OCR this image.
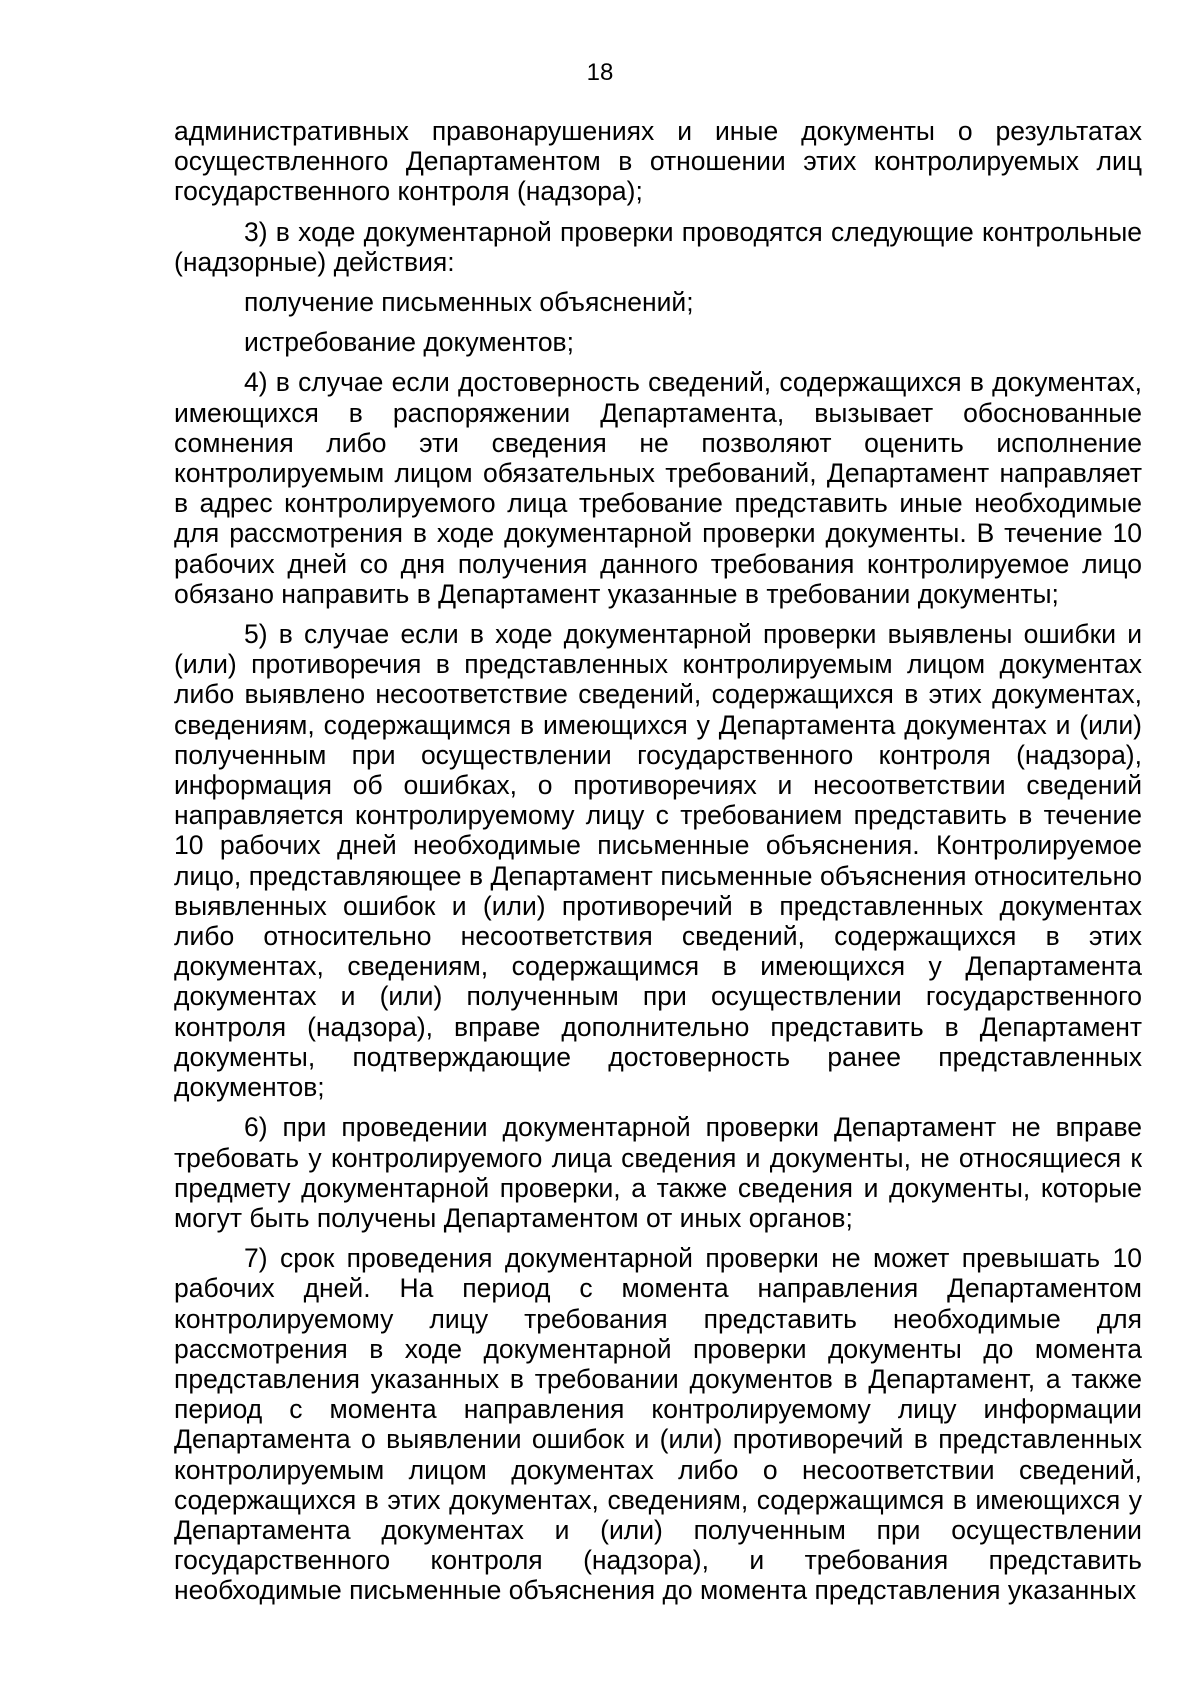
18

административных правонарушениях и иные документы о результатах осуществленного Департаментом в отношении этих контролируемых лиц государственного контроля (надзора);

3) в ходе документарной проверки проводятся следующие контрольные (надзорные) действия:

получение письменных объяснений;

истребование документов;

4) в случае если достоверность сведений, содержащихся в документах, имеющихся в распоряжении Департамента, вызывает обоснованные сомнения либо эти сведения не позволяют оценить исполнение контролируемым лицом обязательных требований, Департамент направляет в адрес контролируемого лица требование представить иные необходимые для рассмотрения в ходе документарной проверки документы. В течение 10 рабочих дней со дня получения данного требования контролируемое лицо обязано направить в Департамент указанные в требовании документы;

5) в случае если в ходе документарной проверки выявлены ошибки и (или) противоречия в представленных контролируемым лицом документах либо выявлено несоответствие сведений, содержащихся в этих документах, сведениям, содержащимся в имеющихся у Департамента документах и (или) полученным при осуществлении государственного контроля (надзора), информация об ошибках, о противоречиях и несоответствии сведений направляется контролируемому лицу с требованием представить в течение 10 рабочих дней необходимые письменные объяснения. Контролируемое лицо, представляющее в Департамент письменные объяснения относительно выявленных ошибок и (или) противоречий в представленных документах либо относительно несоответствия сведений, содержащихся в этих документах, сведениям, содержащимся в имеющихся у Департамента документах и (или) полученным при осуществлении государственного контроля (надзора), вправе дополнительно представить в Департамент документы, подтверждающие достоверность ранее представленных документов;

6) при проведении документарной проверки Департамент не вправе требовать у контролируемого лица сведения и документы, не относящиеся к предмету документарной проверки, а также сведения и документы, которые могут быть получены Департаментом от иных органов;

7) срок проведения документарной проверки не может превышать 10 рабочих дней. На период с момента направления Департаментом контролируемому лицу требования представить необходимые для рассмотрения в ходе документарной проверки документы до момента представления указанных в требовании документов в Департамент, а также период с момента направления контролируемому лицу информации Департамента о выявлении ошибок и (или) противоречий в представленных контролируемым лицом документах либо о несоответствии сведений, содержащихся в этих документах, сведениям, содержащимся в имеющихся у Департамента документах и (или) полученным при осуществлении государственного контроля (надзора), и требования представить необходимые письменные объяснения до момента представления указанных
